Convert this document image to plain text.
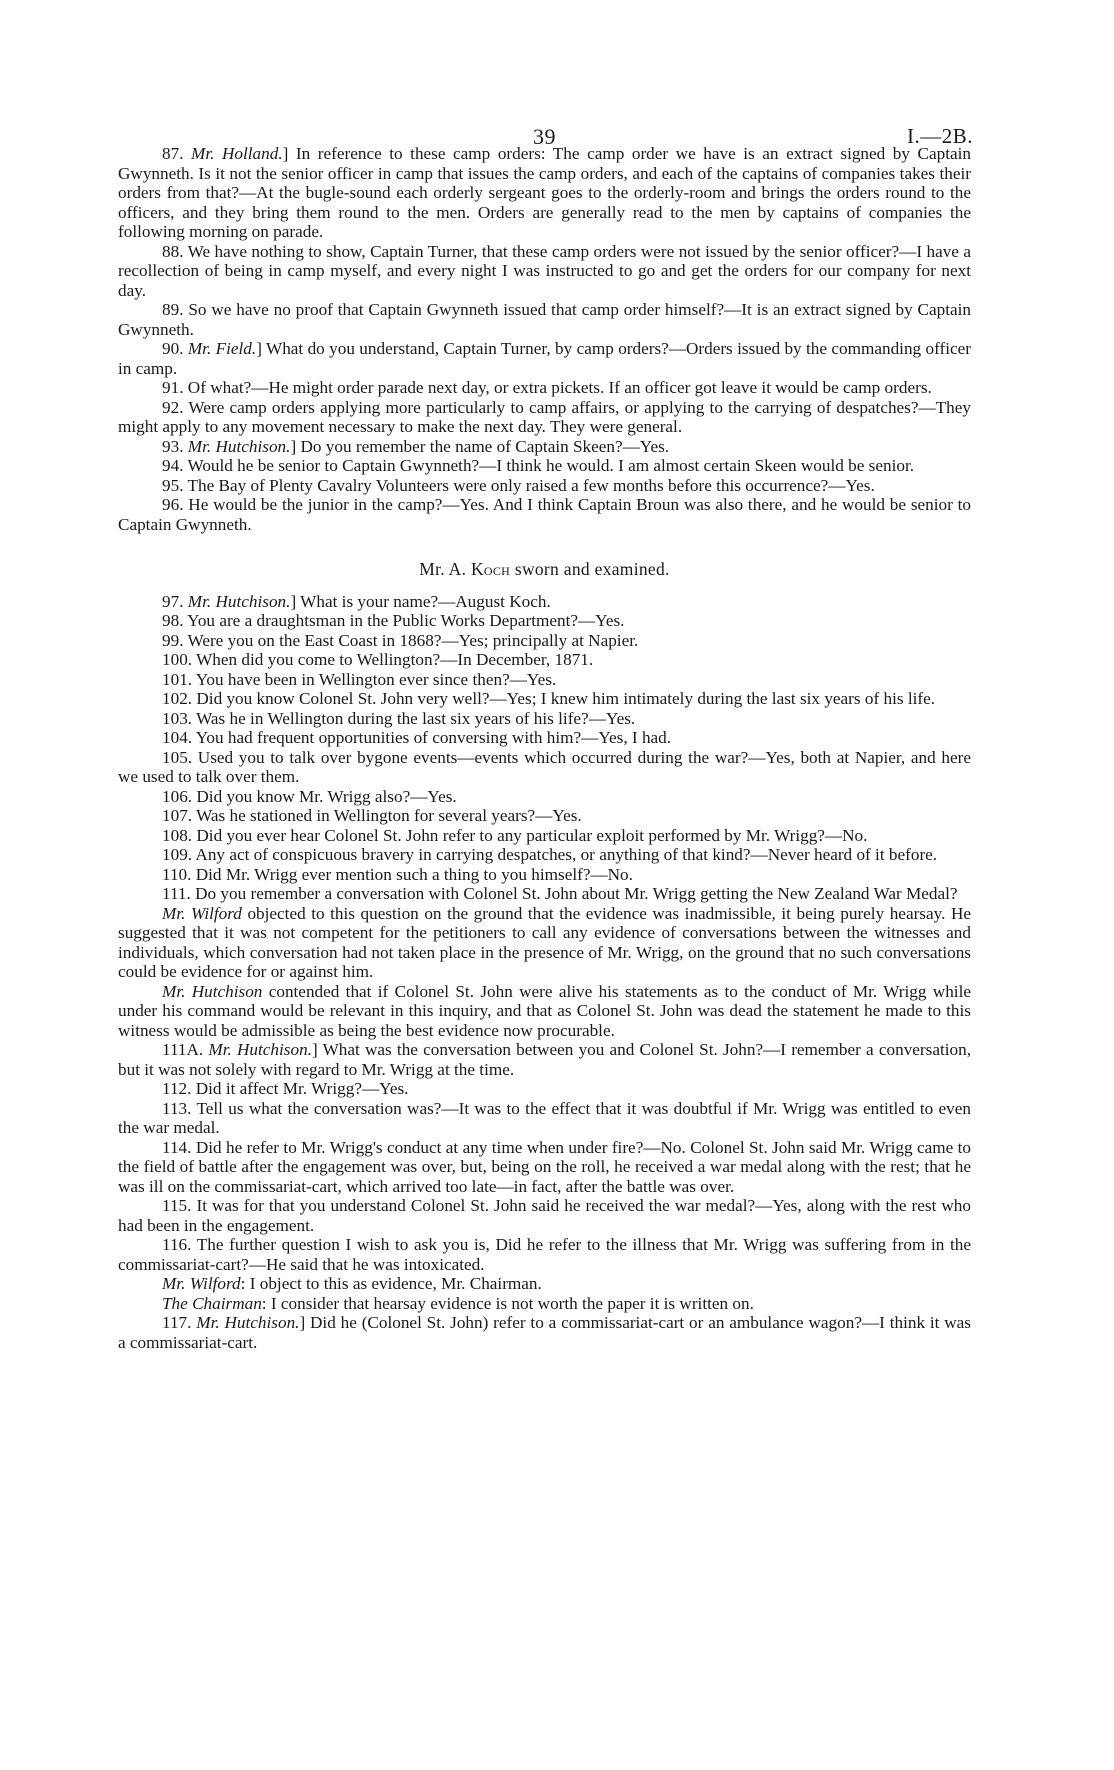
39	I.—2B.

87. Mr. Holland.] In reference to these camp orders: The camp order we have is an extract signed by Captain Gwynneth. Is it not the senior officer in camp that issues the camp orders, and each of the captains of companies takes their orders from that?—At the bugle-sound each orderly sergeant goes to the orderly-room and brings the orders round to the officers, and they bring them round to the men. Orders are generally read to the men by captains of companies the following morning on parade.

88. We have nothing to show, Captain Turner, that these camp orders were not issued by the senior officer?—I have a recollection of being in camp myself, and every night I was instructed to go and get the orders for our company for next day.

89. So we have no proof that Captain Gwynneth issued that camp order himself?—It is an extract signed by Captain Gwynneth.

90. Mr. Field.] What do you understand, Captain Turner, by camp orders?—Orders issued by the commanding officer in camp.

91. Of what?—He might order parade next day, or extra pickets. If an officer got leave it would be camp orders.

92. Were camp orders applying more particularly to camp affairs, or applying to the carrying of despatches?—They might apply to any movement necessary to make the next day. They were general.

93. Mr. Hutchison.] Do you remember the name of Captain Skeen?—Yes.

94. Would he be senior to Captain Gwynneth?—I think he would. I am almost certain Skeen would be senior.

95. The Bay of Plenty Cavalry Volunteers were only raised a few months before this occurrence?—Yes.

96. He would be the junior in the camp?—Yes. And I think Captain Broun was also there, and he would be senior to Captain Gwynneth.

Mr. A. Koch sworn and examined.

97. Mr. Hutchison.] What is your name?—August Koch.

98. You are a draughtsman in the Public Works Department?—Yes.

99. Were you on the East Coast in 1868?—Yes; principally at Napier.

100. When did you come to Wellington?—In December, 1871.

101. You have been in Wellington ever since then?—Yes.

102. Did you know Colonel St. John very well?—Yes; I knew him intimately during the last six years of his life.

103. Was he in Wellington during the last six years of his life?—Yes.

104. You had frequent opportunities of conversing with him?—Yes, I had.

105. Used you to talk over bygone events—events which occurred during the war?—Yes, both at Napier, and here we used to talk over them.

106. Did you know Mr. Wrigg also?—Yes.

107. Was he stationed in Wellington for several years?—Yes.

108. Did you ever hear Colonel St. John refer to any particular exploit performed by Mr. Wrigg?—No.

109. Any act of conspicuous bravery in carrying despatches, or anything of that kind?—Never heard of it before.

110. Did Mr. Wrigg ever mention such a thing to you himself?—No.

111. Do you remember a conversation with Colonel St. John about Mr. Wrigg getting the New Zealand War Medal?

Mr. Wilford objected to this question on the ground that the evidence was inadmissible, it being purely hearsay. He suggested that it was not competent for the petitioners to call any evidence of conversations between the witnesses and individuals, which conversation had not taken place in the presence of Mr. Wrigg, on the ground that no such conversations could be evidence for or against him.

Mr. Hutchison contended that if Colonel St. John were alive his statements as to the conduct of Mr. Wrigg while under his command would be relevant in this inquiry, and that as Colonel St. John was dead the statement he made to this witness would be admissible as being the best evidence now procurable.

111A. Mr. Hutchison.] What was the conversation between you and Colonel St. John?—I remember a conversation, but it was not solely with regard to Mr. Wrigg at the time.

112. Did it affect Mr. Wrigg?—Yes.

113. Tell us what the conversation was?—It was to the effect that it was doubtful if Mr. Wrigg was entitled to even the war medal.

114. Did he refer to Mr. Wrigg's conduct at any time when under fire?—No. Colonel St. John said Mr. Wrigg came to the field of battle after the engagement was over, but, being on the roll, he received a war medal along with the rest; that he was ill on the commissariat-cart, which arrived too late—in fact, after the battle was over.

115. It was for that you understand Colonel St. John said he received the war medal?—Yes, along with the rest who had been in the engagement.

116. The further question I wish to ask you is, Did he refer to the illness that Mr. Wrigg was suffering from in the commissariat-cart?—He said that he was intoxicated.

Mr. Wilford: I object to this as evidence, Mr. Chairman.

The Chairman: I consider that hearsay evidence is not worth the paper it is written on.

117. Mr. Hutchison.] Did he (Colonel St. John) refer to a commissariat-cart or an ambulance wagon?—I think it was a commissariat-cart.
